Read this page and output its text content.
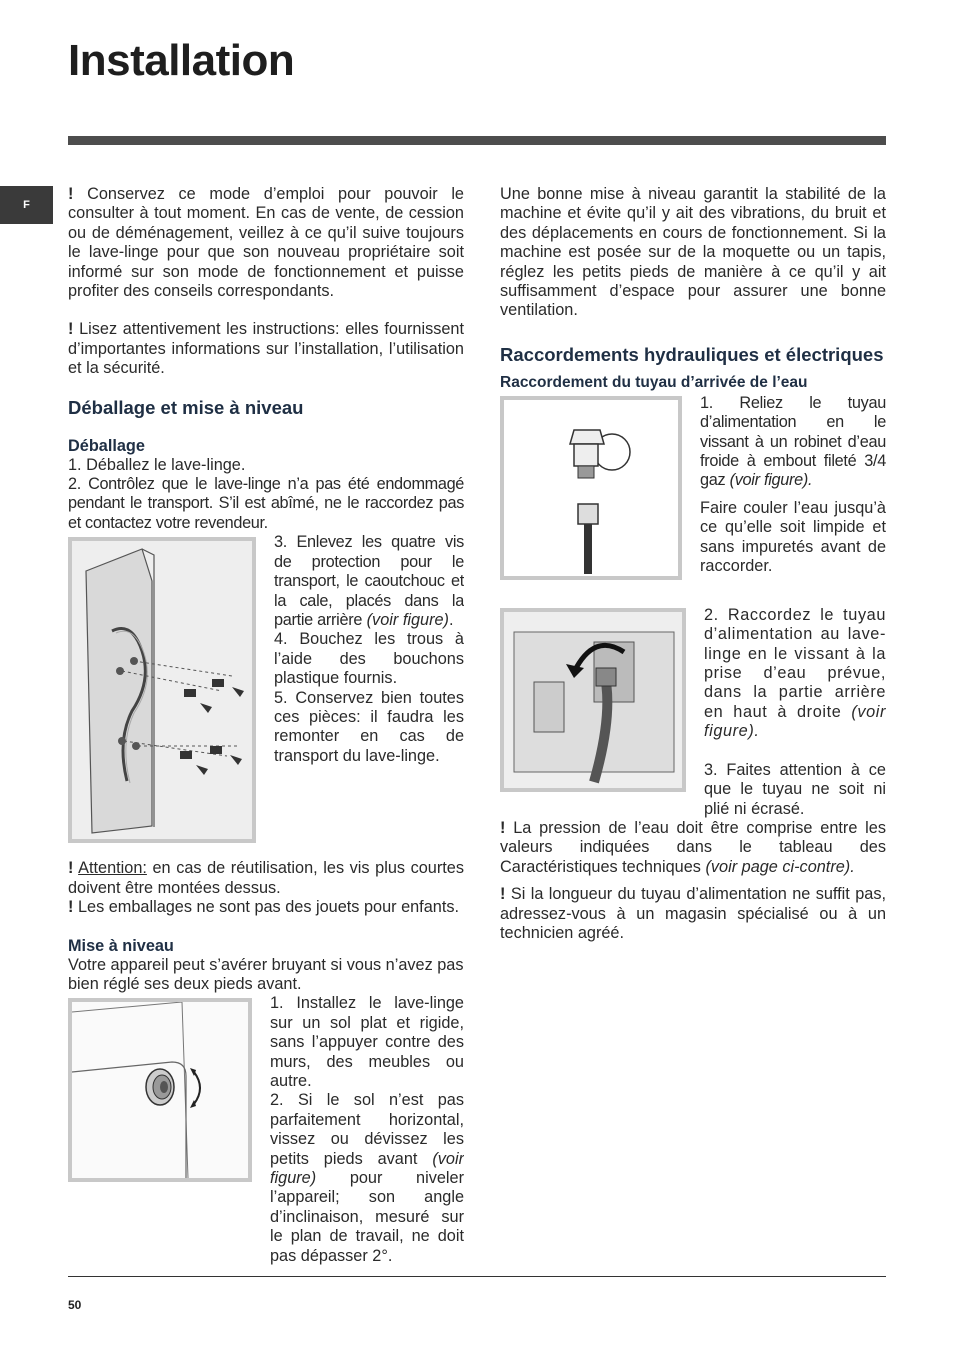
Installation
F

! Conservez ce mode d’emploi pour pouvoir le consulter à tout moment. En cas de vente, de cession ou de déménagement, veillez à ce qu’il suive toujours le lave-linge pour que son nouveau propriétaire soit informé sur son mode de fonctionnement et puisse profiter des conseils correspondants.

! Lisez attentivement les instructions: elles fournissent d’importantes informations sur l’installation, l’utilisation et la sécurité.

Déballage et mise à niveau
Déballage

1. Déballez le lave-linge.

2. Contrôlez que le lave-linge n’a pas été endommagé pendant le transport. S’il est abîmé, ne le raccordez pas et contactez votre revendeur.

3. Enlevez les quatre vis de protection pour le transport, le caoutchouc et la cale, placés dans la partie arrière (voir figure).

4. Bouchez les trous à l’aide des bouchons plastique fournis.

5. Conservez bien toutes ces pièces: il faudra les remonter en cas de transport du lave-linge.

! Attention: en cas de réutilisation, les vis plus courtes doivent être montées dessus.

! Les emballages ne sont pas des jouets pour enfants.

Mise à niveau

Votre appareil peut s’avérer bruyant si vous n’avez pas bien réglé ses deux pieds avant.

1. Installez le lave-linge sur un sol plat et rigide, sans l’appuyer contre des murs, des meubles ou autre.

2. Si le sol n’est pas parfaitement horizontal, vissez ou dévissez les petits pieds avant (voir figure) pour niveler l’appareil; son angle d’inclinaison, mesuré sur le plan de travail, ne doit pas dépasser 2°.

Une bonne mise à niveau garantit la stabilité de la machine et évite qu’il y ait des vibrations, du bruit et des déplacements en cours de fonctionnement. Si la machine est posée sur de la moquette ou un tapis, réglez les petits pieds de manière à ce qu’il y ait suffisamment d’espace pour assurer une bonne ventilation.

Raccordements hydrauliques et électriques
Raccordement du tuyau d’arrivée de l’eau

1. Reliez le tuyau d’alimentation en le vissant à un robinet d’eau froide à embout fileté 3/4 gaz (voir figure).

Faire couler l’eau jusqu’à ce qu’elle soit limpide et sans impuretés avant de raccorder.

2. Raccordez le tuyau d’alimentation au lave-linge en le vissant à la prise d’eau prévue, dans la partie arrière en haut à droite (voir figure).

3. Faites attention à ce que le tuyau ne soit ni plié ni écrasé.

! La pression de l’eau doit être comprise entre les valeurs indiquées dans le tableau des Caractéristiques techniques (voir page ci-contre).

! Si la longueur du tuyau d’alimentation ne suffit pas, adressez-vous à un magasin spécialisé ou à un technicien agréé.

50
